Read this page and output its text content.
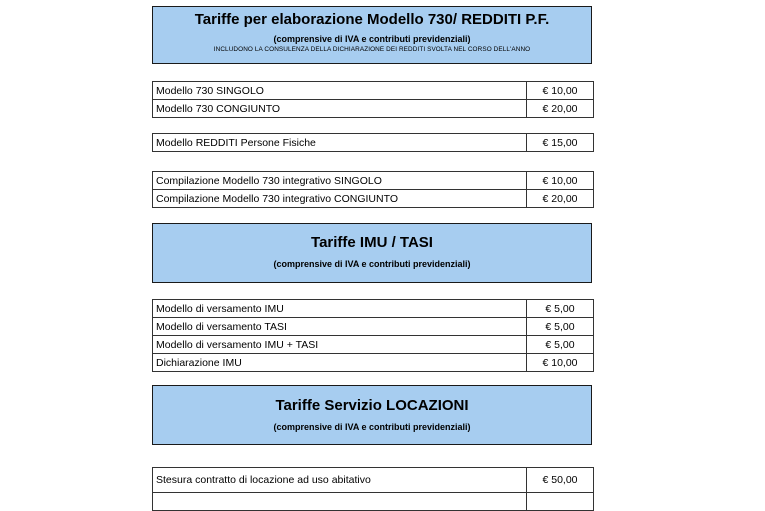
Tariffe per elaborazione Modello 730/ REDDITI P.F.
(comprensive di IVA e contributi previdenziali)
INCLUDONO LA CONSULENZA DELLA DICHIARAZIONE DEI REDDITI SVOLTA NEL CORSO DELL'ANNO
Modello 730 SINGOLO	€ 10,00
Modello 730 CONGIUNTO	€ 20,00
Modello REDDITI Persone Fisiche	€ 15,00
Compilazione Modello 730 integrativo SINGOLO	€ 10,00
Compilazione Modello 730 integrativo CONGIUNTO	€ 20,00
Tariffe IMU / TASI
(comprensive di IVA e contributi previdenziali)
Modello di versamento IMU	€ 5,00
Modello di versamento TASI	€ 5,00
Modello di versamento IMU + TASI	€ 5,00
Dichiarazione IMU	€ 10,00
Tariffe Servizio LOCAZIONI
(comprensive di IVA e contributi previdenziali)
Stesura contratto di locazione ad uso abitativo	€ 50,00
